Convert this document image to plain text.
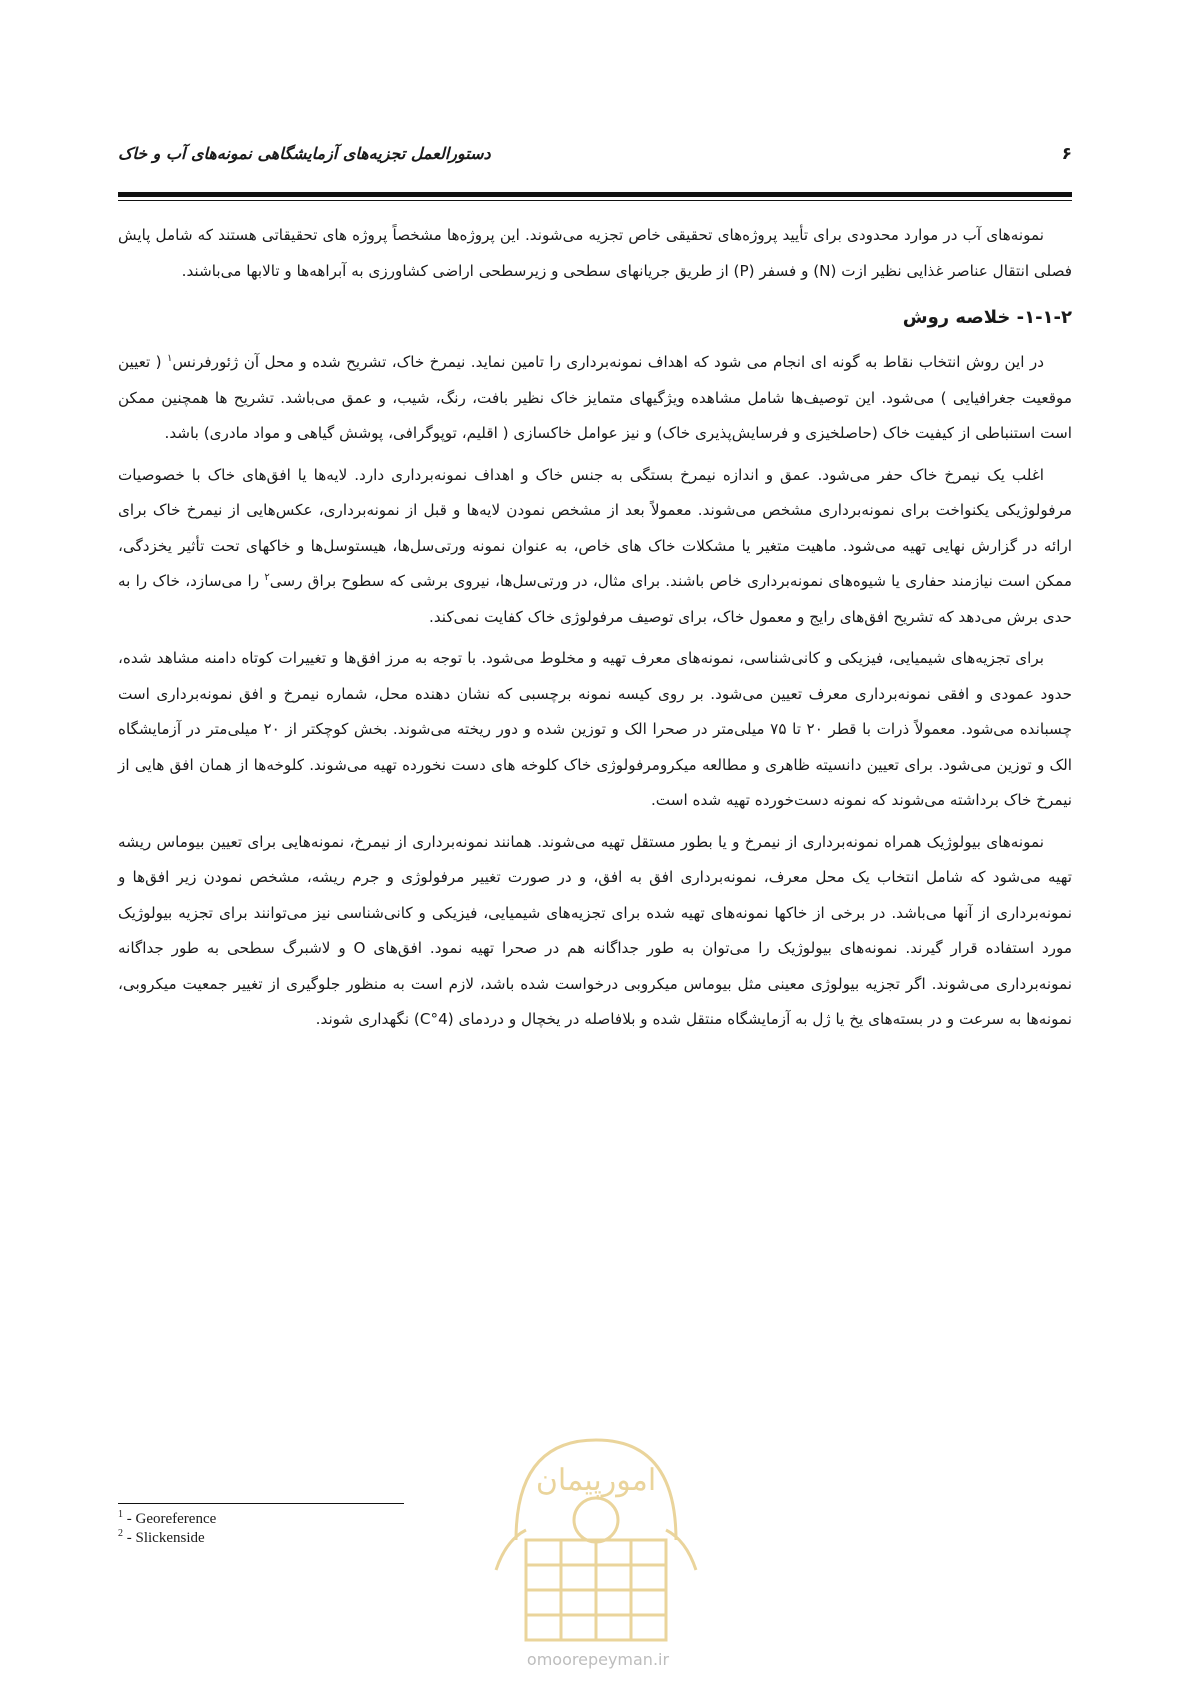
۶
دستورالعمل تجزیه‌های آزمایشگاهی نمونه‌های آب و خاک

نمونه‌های آب در موارد محدودی برای تأیید پروژه‌های تحقیقی خاص تجزیه می‌شوند. این پروژه‌ها مشخصاً پروژه های تحقیقاتی هستند که شامل پایش فصلی انتقال عناصر غذایی نظیر ازت (N) و فسفر (P) از طریق جریانهای سطحی و زیرسطحی اراضی کشاورزی به آبراهه‌ها و تالابها می‌باشند.

۱-۱-۲- خلاصه روش

در این روش انتخاب نقاط به گونه ای انجام می شود که اهداف نمونه‌برداری را تامین نماید. نیمرخ خاک، تشریح شده و محل آن ژئورفرنس$^۱$ ( تعیین موقعیت جغرافیایی ) می‌شود. این توصیف‌ها شامل مشاهده ویژگیهای متمایز خاک نظیر بافت، رنگ، شیب، و عمق می‌باشد. تشریح ها همچنین ممکن است استنباطی از کیفیت خاک (حاصلخیزی و فرسایش‌پذیری خاک) و نیز عوامل خاکسازی ( اقلیم، توپوگرافی، پوشش گیاهی و مواد مادری) باشد.

اغلب یک نیمرخ خاک حفر می‌شود. عمق و اندازه نیمرخ بستگی به جنس خاک و اهداف نمونه‌برداری دارد. لایه‌ها یا افق‌های خاک با خصوصیات مرفولوژیکی یکنواخت برای نمونه‌برداری مشخص می‌شوند. معمولاً بعد از مشخص نمودن لایه‌ها و قبل از نمونه‌برداری، عکس‌هایی از نیمرخ خاک برای ارائه در گزارش نهایی تهیه می‌شود. ماهیت متغیر یا مشکلات خاک های خاص، به عنوان نمونه ورتی‌سل‌ها، هیستوسل‌ها و خاکهای تحت تأثیر یخزدگی، ممکن است نیازمند حفاری یا شیوه‌های نمونه‌برداری خاص باشند. برای مثال، در ورتی‌سل‌ها، نیروی برشی که سطوح براق رسی$^۲$ را می‌سازد، خاک را به حدی برش می‌دهد که تشریح افق‌های رایج و معمول خاک، برای توصیف مرفولوژی خاک کفایت نمی‌کند.

برای تجزیه‌های شیمیایی، فیزیکی و کانی‌شناسی، نمونه‌های معرف تهیه و مخلوط می‌شود. با توجه به مرز افق‌ها و تغییرات کوتاه دامنه مشاهد شده، حدود عمودی و افقی نمونه‌برداری معرف تعیین می‌شود. بر روی کیسه نمونه برچسبی که نشان دهنده محل، شماره نیمرخ و افق نمونه‌برداری است چسبانده می‌شود. معمولاً ذرات با قطر ۲۰ تا ۷۵ میلی‌متر در صحرا الک و توزین شده و دور ریخته می‌شوند. بخش کوچکتر از ۲۰ میلی‌متر در آزمایشگاه الک و توزین می‌شود. برای تعیین دانسیته ظاهری و مطالعه میکرومرفولوژی خاک کلوخه های دست نخورده تهیه می‌شوند. کلوخه‌ها از همان افق هایی از نیمرخ خاک برداشته می‌شوند که نمونه دست‌خورده تهیه شده است.

نمونه‌های بیولوژیک همراه نمونه‌برداری از نیمرخ و یا بطور مستقل تهیه می‌شوند. همانند نمونه‌برداری از نیمرخ، نمونه‌هایی برای تعیین بیوماس ریشه تهیه می‌شود که شامل انتخاب یک محل معرف، نمونه‌برداری افق به افق، و در صورت تغییر مرفولوژی و جرم ریشه، مشخص نمودن زیر افق‌ها و نمونه‌برداری از آنها می‌باشد. در برخی از خاکها نمونه‌های تهیه شده برای تجزیه‌های شیمیایی، فیزیکی و کانی‌شناسی نیز می‌توانند برای تجزیه بیولوژیک مورد استفاده قرار گیرند. نمونه‌های بیولوژیک را می‌توان به طور جداگانه هم در صحرا تهیه نمود. افق‌های O و لاشبرگ سطحی به طور جداگانه نمونه‌برداری می‌شوند. اگر تجزیه بیولوژی معینی مثل بیوماس میکروبی درخواست شده باشد، لازم است به منظور جلوگیری از تغییر جمعیت میکروبی، نمونه‌ها به سرعت و در بسته‌های یخ یا ژل به آزمایشگاه منتقل شده و بلافاصله در یخچال و دردمای (4°C) نگهداری شوند.

$^1$ - Georeference
$^2$ - Slickenside
امورپیمان
omoorepeyman.ir
